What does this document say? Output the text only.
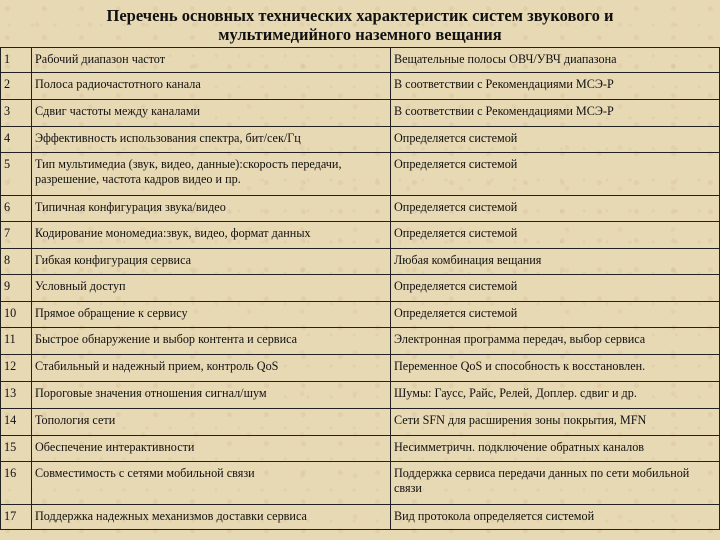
Перечень основных технических характеристик систем звукового и
мультимедийного наземного вещания
1	Рабочий диапазон частот	Вещательные полосы ОВЧ/УВЧ диапазона
2	Полоса радиочастотного канала	В соответствии с Рекомендациями МСЭ-Р
3	Сдвиг частоты между каналами	В соответствии с Рекомендациями МСЭ-Р
4	Эффективность использования спектра, бит/сек/Гц	Определяется системой
5	Тип мультимедиа (звук, видео, данные):скорость передачи, разрешение, частота кадров видео и пр.	Определяется системой
6	Типичная конфигурация звука/видео	Определяется системой
7	Кодирование мономедиа:звук, видео, формат данных	Определяется системой
8	Гибкая конфигурация сервиса	Любая комбинация вещания
9	Условный доступ	Определяется системой
10	Прямое обращение к сервису	Определяется системой
11	Быстрое обнаружение и выбор контента и сервиса	Электронная программа передач, выбор сервиса
12	Стабильный и надежный прием, контроль QoS	Переменное QoS и способность к восстановлен.
13	Пороговые значения отношения сигнал/шум	Шумы: Гаусс, Райс, Релей, Доплер. сдвиг и др.
14	Топология сети	Сети SFN для расширения зоны покрытия, MFN
15	Обеспечение интерактивности	Несимметричн. подключение обратных каналов
16	Совместимость с сетями мобильной связи	Поддержка сервиса передачи данных по сети мобильной связи
17	Поддержка надежных механизмов доставки сервиса	Вид протокола определяется системой
